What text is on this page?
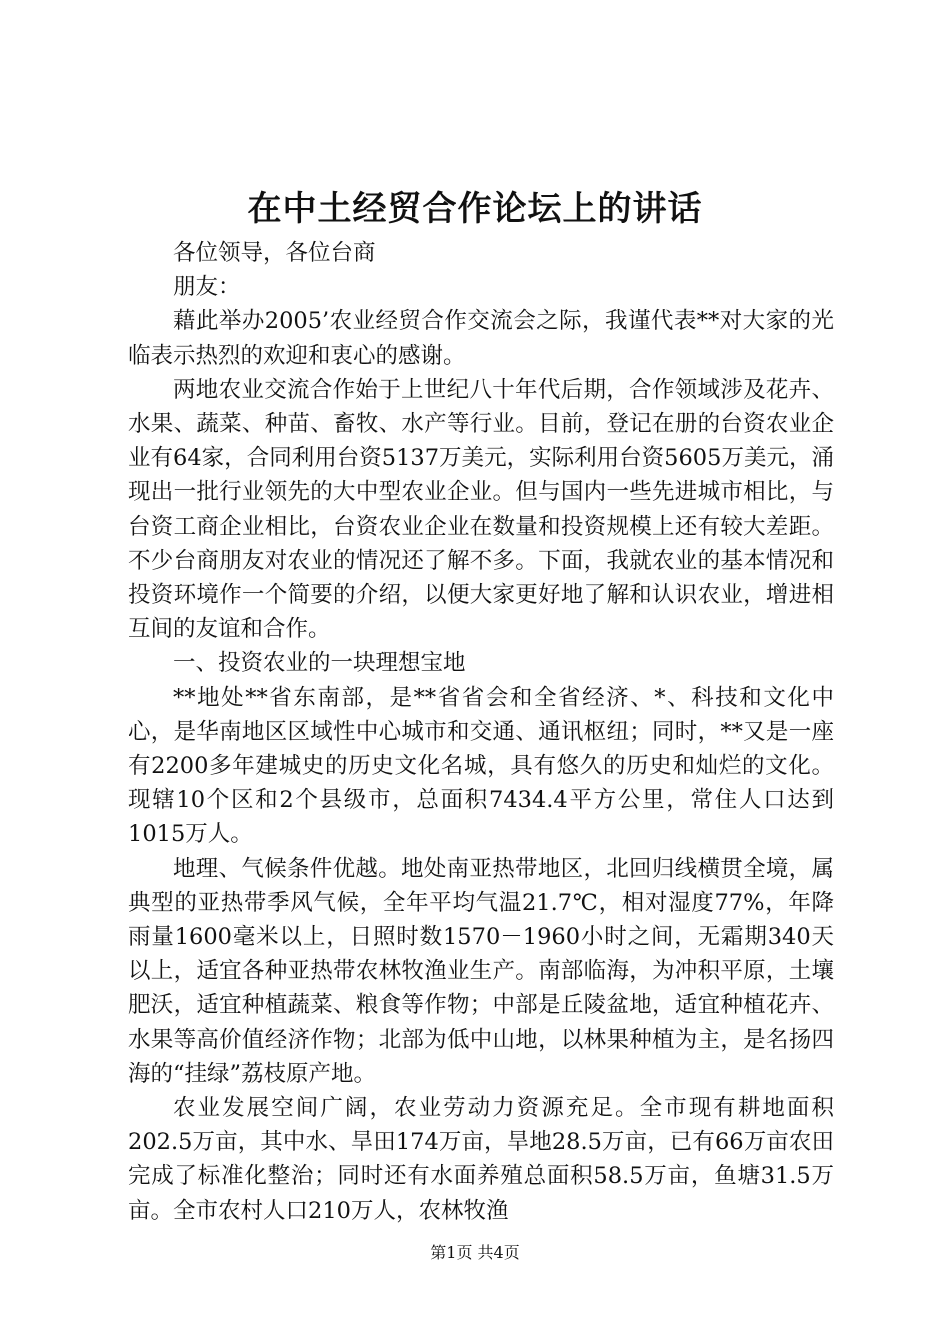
在中土经贸合作论坛上的讲话

各位领导，各位台商

朋友：

藉此举办2005’农业经贸合作交流会之际，我谨代表**对大家的光临表示热烈的欢迎和衷心的感谢。

两地农业交流合作始于上世纪八十年代后期，合作领域涉及花卉、水果、蔬菜、种苗、畜牧、水产等行业。目前，登记在册的台资农业企业有64家，合同利用台资5137万美元，实际利用台资5605万美元，涌现出一批行业领先的大中型农业企业。但与国内一些先进城市相比，与台资工商企业相比，台资农业企业在数量和投资规模上还有较大差距。不少台商朋友对农业的情况还了解不多。下面，我就农业的基本情况和投资环境作一个简要的介绍，以便大家更好地了解和认识农业，增进相互间的友谊和合作。

一、投资农业的一块理想宝地

**地处**省东南部，是**省省会和全省经济、*、科技和文化中心，是华南地区区域性中心城市和交通、通讯枢纽；同时，**又是一座有2200多年建城史的历史文化名城，具有悠久的历史和灿烂的文化。现辖10个区和2个县级市，总面积7434.4平方公里，常住人口达到1015万人。

地理、气候条件优越。地处南亚热带地区，北回归线横贯全境，属典型的亚热带季风气候，全年平均气温21.7℃，相对湿度77%，年降雨量1600毫米以上，日照时数1570－1960小时之间，无霜期340天以上，适宜各种亚热带农林牧渔业生产。南部临海，为冲积平原，土壤肥沃，适宜种植蔬菜、粮食等作物；中部是丘陵盆地，适宜种植花卉、水果等高价值经济作物；北部为低中山地，以林果种植为主，是名扬四海的“挂绿”荔枝原产地。

农业发展空间广阔，农业劳动力资源充足。全市现有耕地面积202.5万亩，其中水、旱田174万亩，旱地28.5万亩，已有66万亩农田完成了标准化整治；同时还有水面养殖总面积58.5万亩，鱼塘31.5万亩。全市农村人口210万人，农林牧渔

第1页 共4页
